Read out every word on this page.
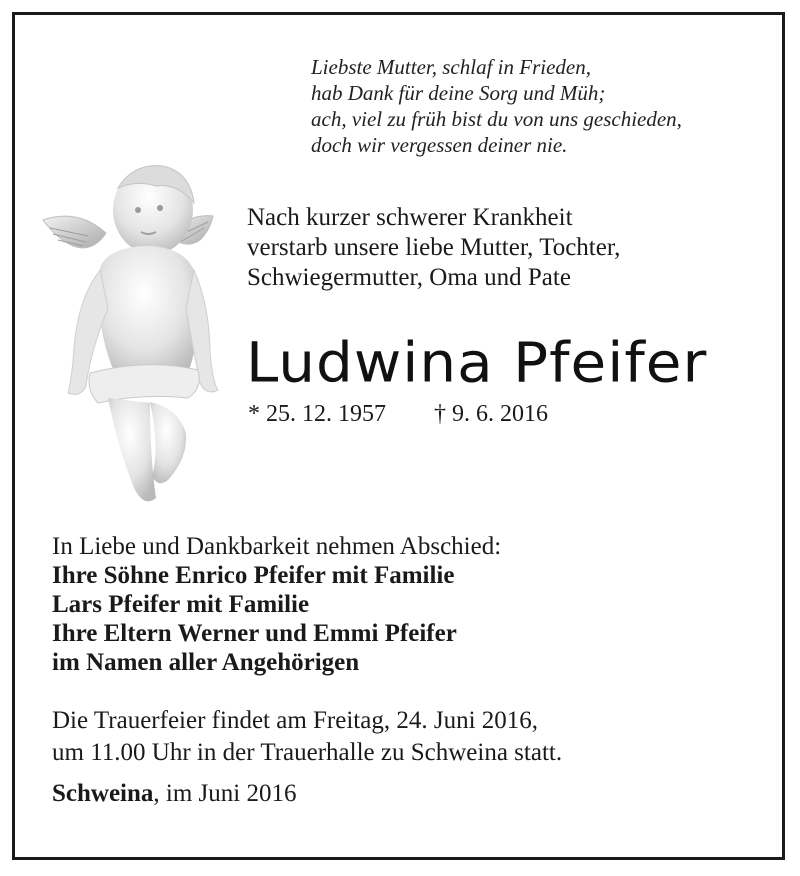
Liebste Mutter, schlaf in Frieden,
hab Dank für deine Sorg und Müh;
ach, viel zu früh bist du von uns geschieden,
doch wir vergessen deiner nie.
Nach kurzer schwerer Krankheit
verstarb unsere liebe Mutter, Tochter,
Schwiegermutter, Oma und Pate
Ludwina Pfeifer
* 25. 12. 1957 † 9. 6. 2016
In Liebe und Dankbarkeit nehmen Abschied:
Ihre Söhne Enrico Pfeifer mit Familie
Lars Pfeifer mit Familie
Ihre Eltern Werner und Emmi Pfeifer
im Namen aller Angehörigen
Die Trauerfeier findet am Freitag, 24. Juni 2016,
um 11.00 Uhr in der Trauerhalle zu Schweina statt.
Schweina, im Juni 2016
